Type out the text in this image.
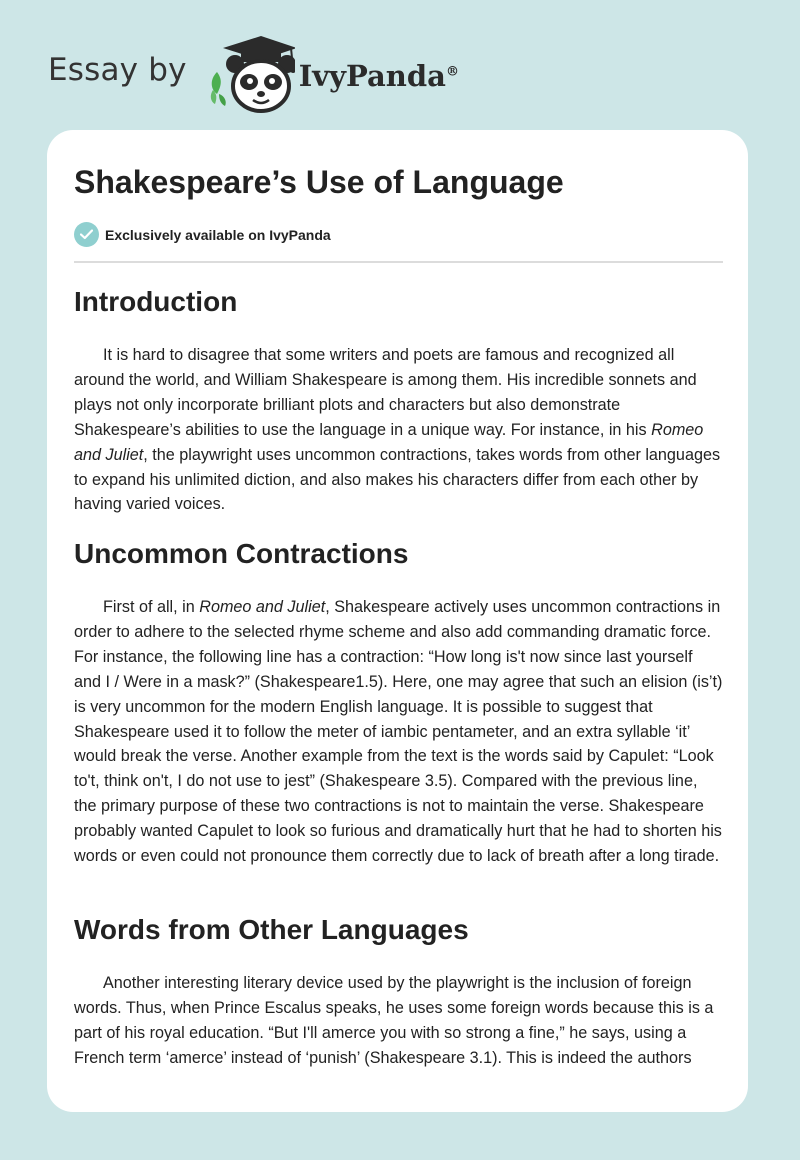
Essay by	IvyPanda®
Shakespeare’s Use of Language
Exclusively available on IvyPanda
Introduction

It is hard to disagree that some writers and poets are famous and recognized all around the world, and William Shakespeare is among them. His incredible sonnets and plays not only incorporate brilliant plots and characters but also demonstrate Shakespeare’s abilities to use the language in a unique way. For instance, in his Romeo and Juliet, the playwright uses uncommon contractions, takes words from other languages to expand his unlimited diction, and also makes his characters differ from each other by having varied voices.

Uncommon Contractions

First of all, in Romeo and Juliet, Shakespeare actively uses uncommon contractions in order to adhere to the selected rhyme scheme and also add commanding dramatic force. For instance, the following line has a contraction: “How long is't now since last yourself and I / Were in a mask?” (Shakespeare1.5). Here, one may agree that such an elision (is’t) is very uncommon for the modern English language. It is possible to suggest that Shakespeare used it to follow the meter of iambic pentameter, and an extra syllable ‘it’ would break the verse. Another example from the text is the words said by Capulet: “Look to't, think on't, I do not use to jest” (Shakespeare 3.5). Compared with the previous line, the primary purpose of these two contractions is not to maintain the verse. Shakespeare probably wanted Capulet to look so furious and dramatically hurt that he had to shorten his words or even could not pronounce them correctly due to lack of breath after a long tirade.

Words from Other Languages

Another interesting literary device used by the playwright is the inclusion of foreign words. Thus, when Prince Escalus speaks, he uses some foreign words because this is a part of his royal education. “But I'll amerce you with so strong a fine,” he says, using a French term ‘amerce’ instead of ‘punish’ (Shakespeare 3.1). This is indeed the authors
